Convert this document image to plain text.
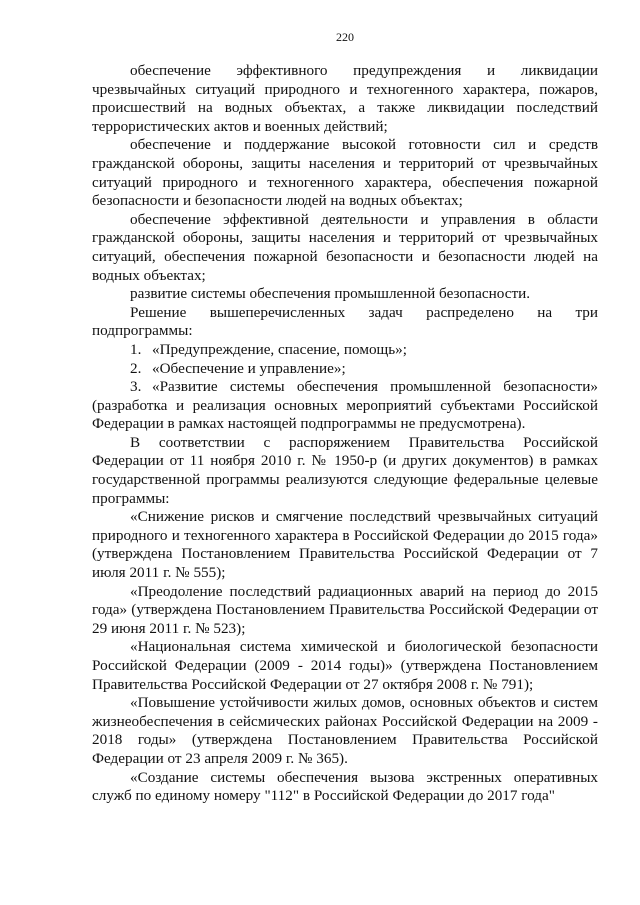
220

обеспечение эффективного предупреждения и ликвидации чрезвычайных ситуаций природного и техногенного характера, пожаров, происшествий на водных объектах, а также ликвидации последствий террористических актов и военных действий;

обеспечение и поддержание высокой готовности сил и средств гражданской обороны, защиты населения и территорий от чрезвычайных ситуаций природного и техногенного характера, обеспечения пожарной безопасности и безопасности людей на водных объектах;

обеспечение эффективной деятельности и управления в области гражданской обороны, защиты населения и территорий от чрезвычайных ситуаций, обеспечения пожарной безопасности и безопасности людей на водных объектах;

развитие системы обеспечения промышленной безопасности.

Решение вышеперечисленных задач распределено на три подпрограммы:

1. «Предупреждение, спасение, помощь»;

2. «Обеспечение и управление»;

3. «Развитие системы обеспечения промышленной безопасности» (разработка и реализация основных мероприятий субъектами Российской Федерации в рамках настоящей подпрограммы не предусмотрена).

В соответствии с распоряжением Правительства Российской Федерации от 11 ноября 2010 г. № 1950-р (и других документов) в рамках государственной программы реализуются следующие федеральные целевые программы:

«Снижение рисков и смягчение последствий чрезвычайных ситуаций природного и техногенного характера в Российской Федерации до 2015 года» (утверждена Постановлением Правительства Российской Федерации от 7 июля 2011 г. № 555);

«Преодоление последствий радиационных аварий на период до 2015 года» (утверждена Постановлением Правительства Российской Федерации от 29 июня 2011 г. № 523);

«Национальная система химической и биологической безопасности Российской Федерации (2009 - 2014 годы)» (утверждена Постановлением Правительства Российской Федерации от 27 октября 2008 г. № 791);

«Повышение устойчивости жилых домов, основных объектов и систем жизнеобеспечения в сейсмических районах Российской Федерации на 2009 - 2018 годы» (утверждена Постановлением Правительства Российской Федерации от 23 апреля 2009 г. № 365).

«Создание системы обеспечения вызова экстренных оперативных служб по единому номеру "112" в Российской Федерации до 2017 года"
